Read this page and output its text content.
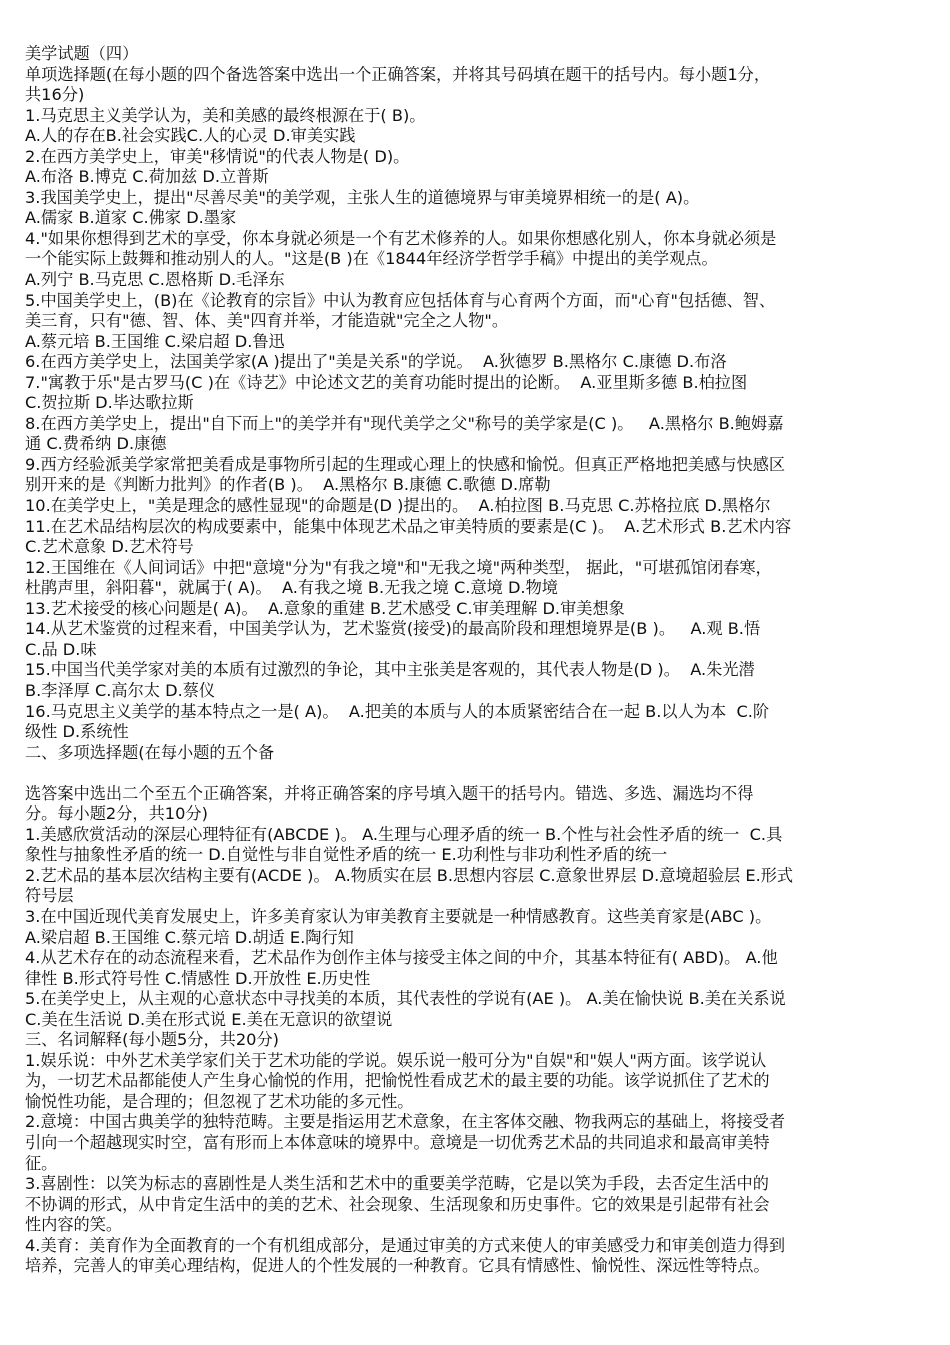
美学试题（四）
单项选择题(在每小题的四个备选答案中选出一个正确答案，并将其号码填在题干的括号内。每小题1分，
共16分)
1.马克思主义美学认为，美和美感的最终根源在于( B)。
A.人的存在B.社会实践C.人的心灵 D.审美实践
2.在西方美学史上，审美"移情说"的代表人物是( D)。
A.布洛 B.博克 C.荷加兹 D.立普斯
3.我国美学史上，提出"尽善尽美"的美学观，主张人生的道德境界与审美境界相统一的是( A)。
A.儒家 B.道家 C.佛家 D.墨家
4."如果你想得到艺术的享受，你本身就必须是一个有艺术修养的人。如果你想感化别人，你本身就必须是
一个能实际上鼓舞和推动别人的人。"这是(B )在《1844年经济学哲学手稿》中提出的美学观点。
A.列宁 B.马克思 C.恩格斯 D.毛泽东
5.中国美学史上，(B)在《论教育的宗旨》中认为教育应包括体育与心育两个方面，而"心育"包括德、智、
美三育，只有"德、智、体、美"四育并举，才能造就"完全之人物"。
A.蔡元培 B.王国维 C.梁启超 D.鲁迅
6.在西方美学史上，法国美学家(A )提出了"美是关系"的学说。  A.狄德罗 B.黑格尔 C.康德 D.布洛
7."寓教于乐"是古罗马(C )在《诗艺》中论述文艺的美育功能时提出的论断。  A.亚里斯多德 B.柏拉图
C.贺拉斯 D.毕达歌拉斯
8.在西方美学史上，提出"自下而上"的美学并有"现代美学之父"称号的美学家是(C )。   A.黑格尔 B.鲍姆嘉
通 C.费希纳 D.康德
9.西方经验派美学家常把美看成是事物所引起的生理或心理上的快感和愉悦。但真正严格地把美感与快感区
别开来的是《判断力批判》的作者(B )。  A.黑格尔 B.康德 C.歌德 D.席勒
10.在美学史上，"美是理念的感性显现"的命题是(D )提出的。  A.柏拉图 B.马克思 C.苏格拉底 D.黑格尔
11.在艺术品结构层次的构成要素中，能集中体现艺术品之审美特质的要素是(C )。  A.艺术形式 B.艺术内容
C.艺术意象 D.艺术符号
12.王国维在《人间词话》中把"意境"分为"有我之境"和"无我之境"两种类型， 据此，"可堪孤馆闭春寒，
杜鹃声里，斜阳暮"，就属于( A)。  A.有我之境 B.无我之境 C.意境 D.物境
13.艺术接受的核心问题是( A)。  A.意象的重建 B.艺术感受 C.审美理解 D.审美想象
14.从艺术鉴赏的过程来看，中国美学认为，艺术鉴赏(接受)的最高阶段和理想境界是(B )。   A.观 B.悟
C.品 D.味
15.中国当代美学家对美的本质有过激烈的争论，其中主张美是客观的，其代表人物是(D )。  A.朱光潜
B.李泽厚 C.高尔太 D.蔡仪
16.马克思主义美学的基本特点之一是( A)。  A.把美的本质与人的本质紧密结合在一起 B.以人为本  C.阶
级性 D.系统性
二、多项选择题(在每小题的五个备
选答案中选出二个至五个正确答案，并将正确答案的序号填入题干的括号内。错选、多选、漏选均不得
分。每小题2分，共10分)
1.美感欣赏活动的深层心理特征有(ABCDE )。 A.生理与心理矛盾的统一 B.个性与社会性矛盾的统一  C.具
象性与抽象性矛盾的统一 D.自觉性与非自觉性矛盾的统一 E.功利性与非功利性矛盾的统一
2.艺术品的基本层次结构主要有(ACDE )。 A.物质实在层 B.思想内容层 C.意象世界层 D.意境超验层 E.形式
符号层
3.在中国近现代美育发展史上，许多美育家认为审美教育主要就是一种情感教育。这些美育家是(ABC )。
A.梁启超 B.王国维 C.蔡元培 D.胡适 E.陶行知
4.从艺术存在的动态流程来看，艺术品作为创作主体与接受主体之间的中介，其基本特征有( ABD)。 A.他
律性 B.形式符号性 C.情感性 D.开放性 E.历史性
5.在美学史上，从主观的心意状态中寻找美的本质，其代表性的学说有(AE )。 A.美在愉快说 B.美在关系说
C.美在生活说 D.美在形式说 E.美在无意识的欲望说
三、名词解释(每小题5分，共20分)
1.娱乐说：中外艺术美学家们关于艺术功能的学说。娱乐说一般可分为"自娱"和"娱人"两方面。该学说认
为，一切艺术品都能使人产生身心愉悦的作用，把愉悦性看成艺术的最主要的功能。该学说抓住了艺术的
愉悦性功能，是合理的；但忽视了艺术功能的多元性。
2.意境：中国古典美学的独特范畴。主要是指运用艺术意象，在主客体交融、物我两忘的基础上，将接受者
引向一个超越现实时空，富有形而上本体意味的境界中。意境是一切优秀艺术品的共同追求和最高审美特
征。
3.喜剧性：以笑为标志的喜剧性是人类生活和艺术中的重要美学范畴，它是以笑为手段，去否定生活中的
不协调的形式，从中肯定生活中的美的艺术、社会现象、生活现象和历史事件。它的效果是引起带有社会
性内容的笑。
4.美育：美育作为全面教育的一个有机组成部分，是通过审美的方式来使人的审美感受力和审美创造力得到
培养，完善人的审美心理结构，促进人的个性发展的一种教育。它具有情感性、愉悦性、深远性等特点。
